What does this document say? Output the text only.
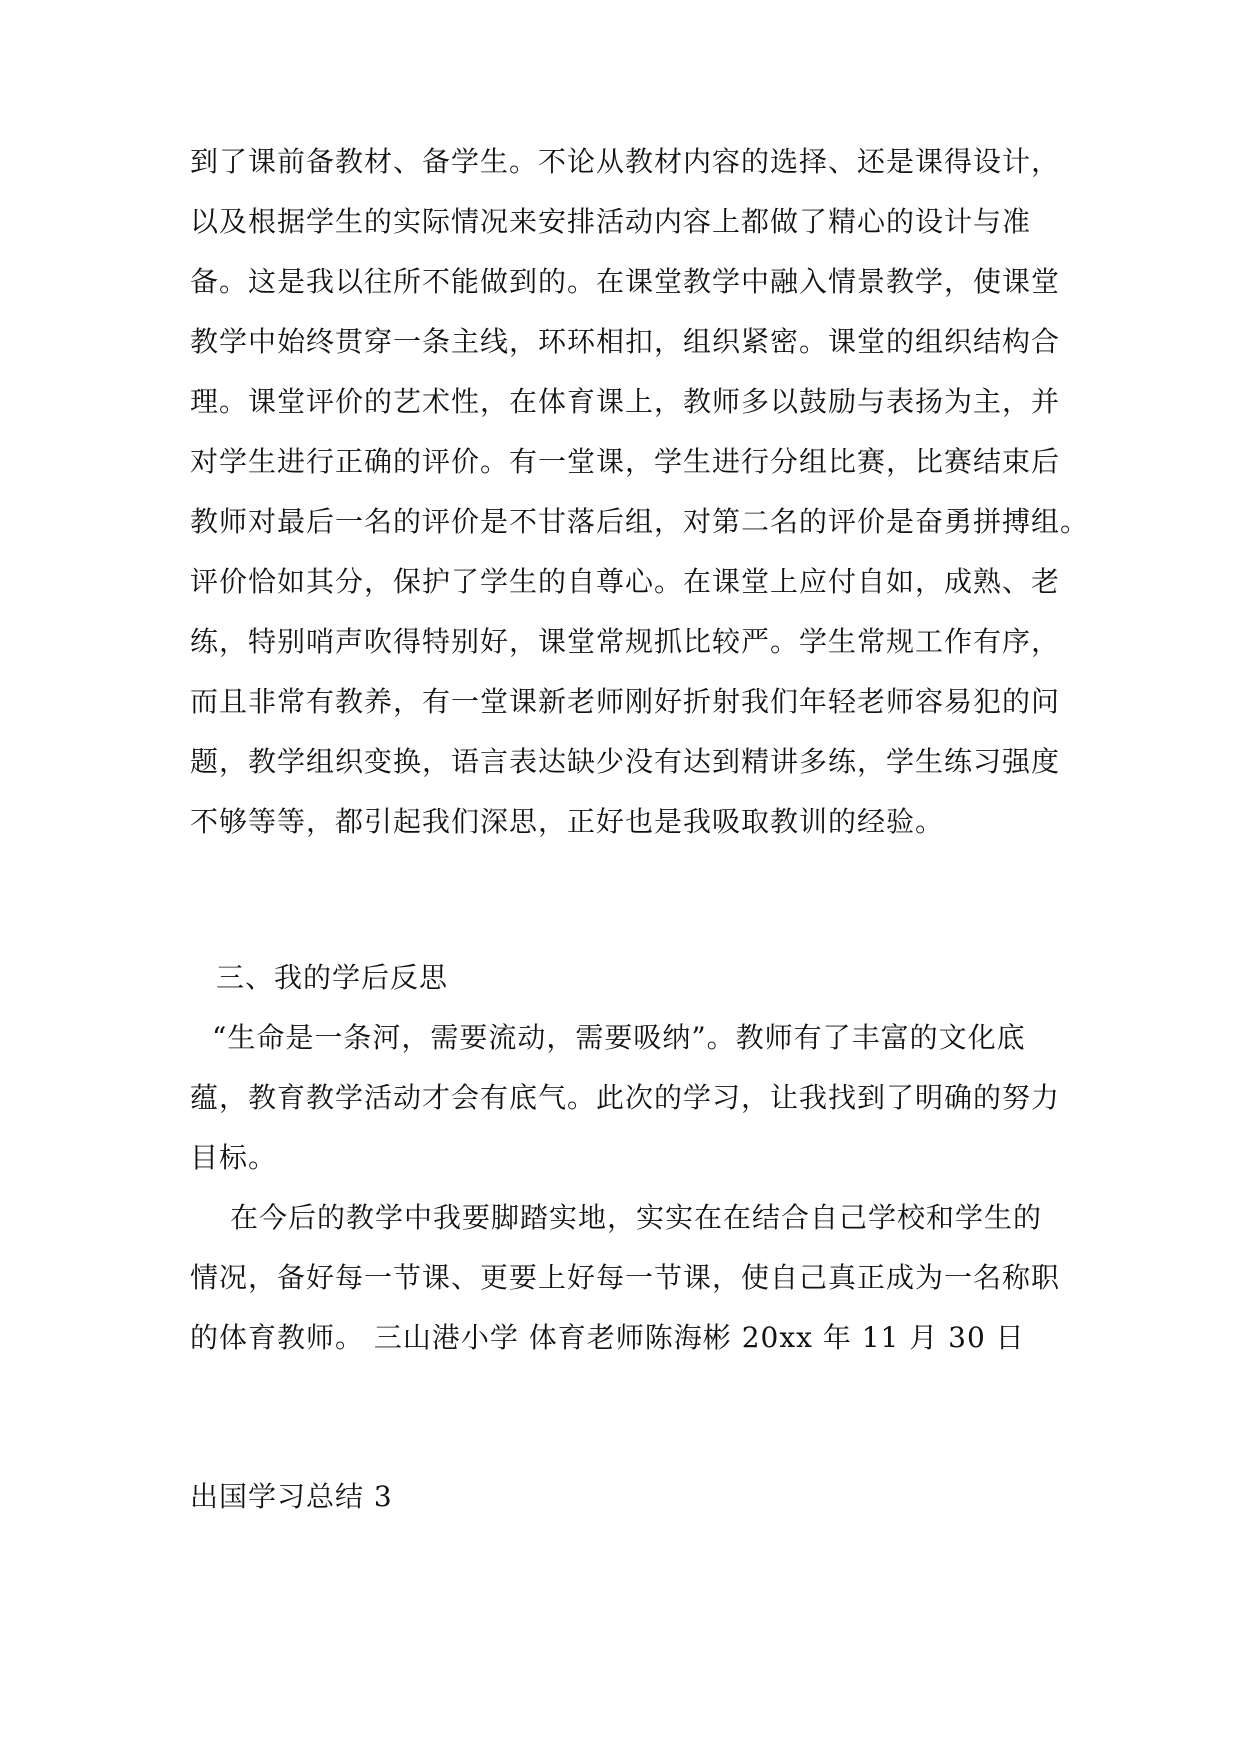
到了课前备教材、备学生。不论从教材内容的选择、还是课得设计，
以及根据学生的实际情况来安排活动内容上都做了精心的设计与准
备。这是我以往所不能做到的。在课堂教学中融入情景教学，使课堂
教学中始终贯穿一条主线，环环相扣，组织紧密。课堂的组织结构合
理。课堂评价的艺术性，在体育课上，教师多以鼓励与表扬为主，并
对学生进行正确的评价。有一堂课，学生进行分组比赛，比赛结束后
教师对最后一名的评价是不甘落后组，对第二名的评价是奋勇拼搏组。
评价恰如其分，保护了学生的自尊心。在课堂上应付自如，成熟、老
练，特别哨声吹得特别好，课堂常规抓比较严。学生常规工作有序，
而且非常有教养，有一堂课新老师刚好折射我们年轻老师容易犯的问
题，教学组织变换，语言表达缺少没有达到精讲多练，学生练习强度
不够等等，都引起我们深思，正好也是我吸取教训的经验。
三、我的学后反思
“生命是一条河，需要流动，需要吸纳”。教师有了丰富的文化底
蕴，教育教学活动才会有底气。此次的学习，让我找到了明确的努力
目标。
在今后的教学中我要脚踏实地，实实在在结合自己学校和学生的
情况，备好每一节课、更要上好每一节课，使自己真正成为一名称职
的体育教师。 三山港小学 体育老师陈海彬 20xx 年 11 月 30 日
出国学习总结 3
